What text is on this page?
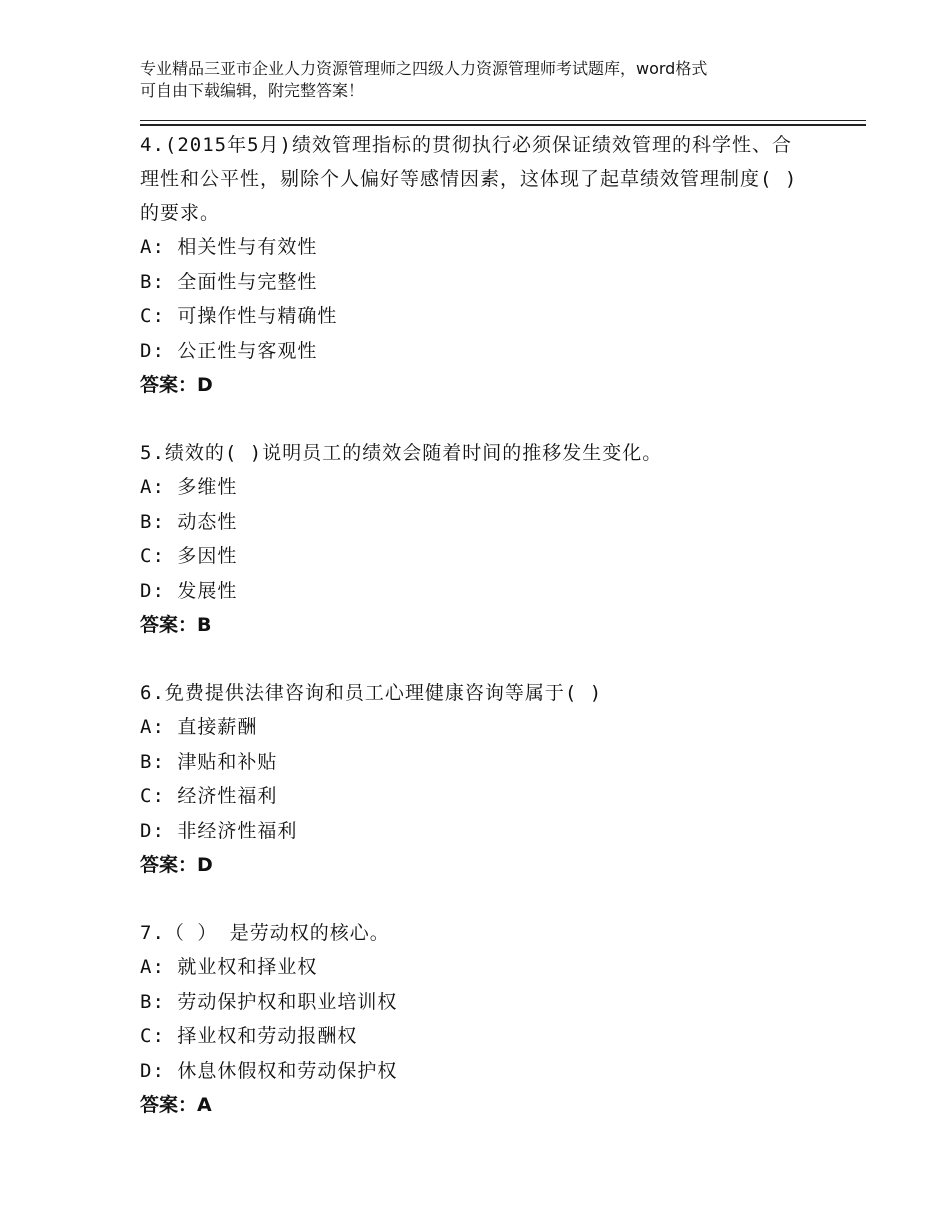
专业精品三亚市企业人力资源管理师之四级人力资源管理师考试题库，word格式
可自由下载编辑，附完整答案！
4.(2015年5月)绩效管理指标的贯彻执行必须保证绩效管理的科学性、合理性和公平性，剔除个人偏好等感情因素，这体现了起草绩效管理制度( )的要求。
A: 相关性与有效性
B: 全面性与完整性
C: 可操作性与精确性
D: 公正性与客观性
答案：D
5.绩效的( )说明员工的绩效会随着时间的推移发生变化。
A: 多维性
B: 动态性
C: 多因性
D: 发展性
答案：B
6.免费提供法律咨询和员工心理健康咨询等属于( )
A: 直接薪酬
B: 津贴和补贴
C: 经济性福利
D: 非经济性福利
答案：D
7.（ ） 是劳动权的核心。
A: 就业权和择业权
B: 劳动保护权和职业培训权
C: 择业权和劳动报酬权
D: 休息休假权和劳动保护权
答案：A
